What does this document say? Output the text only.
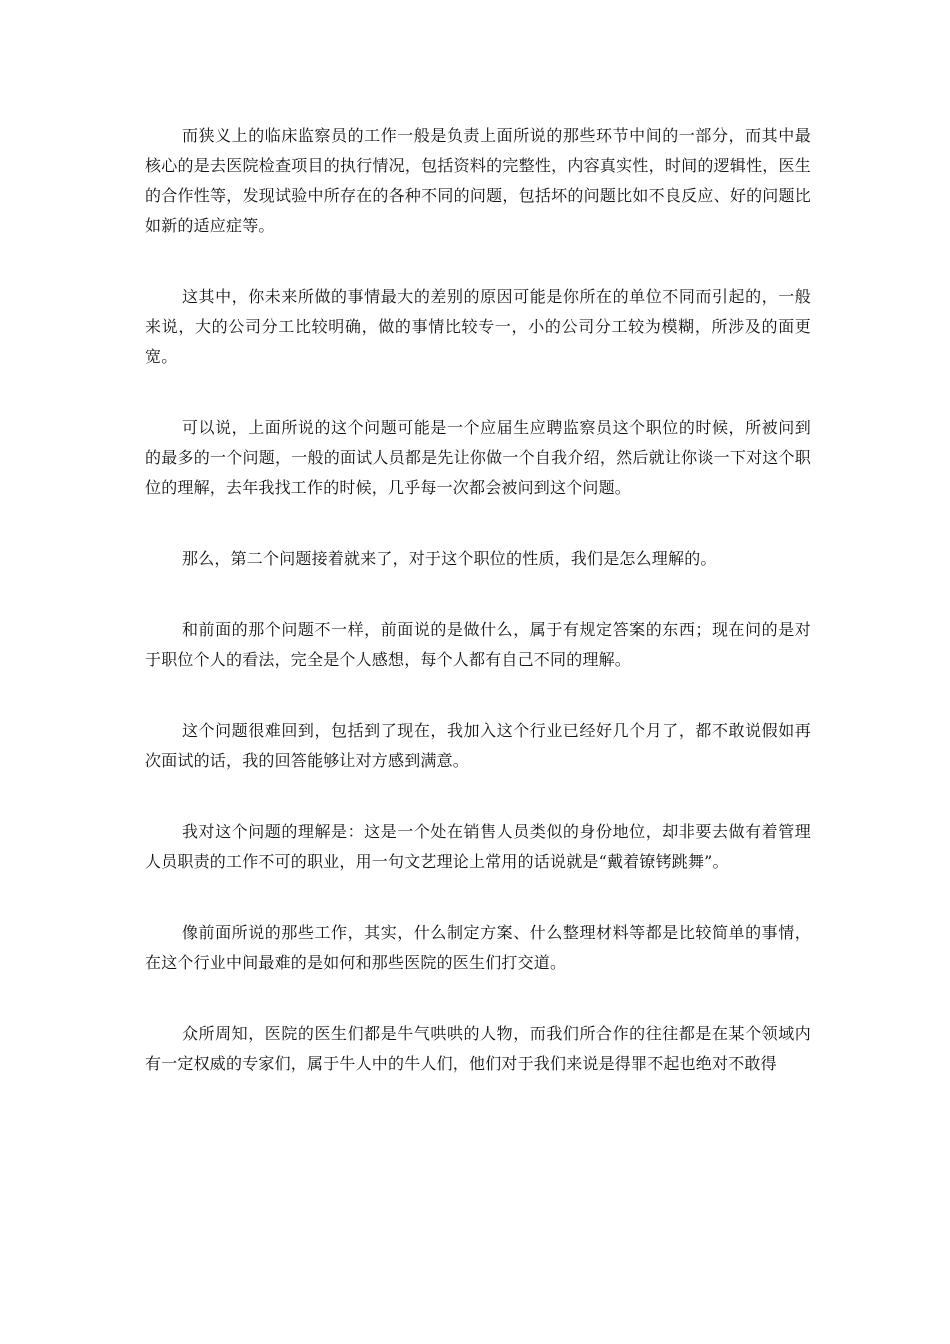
而狭义上的临床监察员的工作一般是负责上面所说的那些环节中间的一部分，而其中最核心的是去医院检查项目的执行情况，包括资料的完整性，内容真实性，时间的逻辑性，医生的合作性等，发现试验中所存在的各种不同的问题，包括坏的问题比如不良反应、好的问题比如新的适应症等。

这其中，你未来所做的事情最大的差别的原因可能是你所在的单位不同而引起的，一般来说，大的公司分工比较明确，做的事情比较专一，小的公司分工较为模糊，所涉及的面更宽。

可以说，上面所说的这个问题可能是一个应届生应聘监察员这个职位的时候，所被问到的最多的一个问题，一般的面试人员都是先让你做一个自我介绍，然后就让你谈一下对这个职位的理解，去年我找工作的时候，几乎每一次都会被问到这个问题。

那么，第二个问题接着就来了，对于这个职位的性质，我们是怎么理解的。

和前面的那个问题不一样，前面说的是做什么，属于有规定答案的东西；现在问的是对于职位个人的看法，完全是个人感想，每个人都有自己不同的理解。

这个问题很难回到，包括到了现在，我加入这个行业已经好几个月了，都不敢说假如再次面试的话，我的回答能够让对方感到满意。

我对这个问题的理解是：这是一个处在销售人员类似的身份地位，却非要去做有着管理人员职责的工作不可的职业，用一句文艺理论上常用的话说就是“戴着镣铐跳舞”。

像前面所说的那些工作，其实，什么制定方案、什么整理材料等都是比较简单的事情，在这个行业中间最难的是如何和那些医院的医生们打交道。

众所周知，医院的医生们都是牛气哄哄的人物，而我们所合作的往往都是在某个领域内有一定权威的专家们，属于牛人中的牛人们，他们对于我们来说是得罪不起也绝对不敢得
